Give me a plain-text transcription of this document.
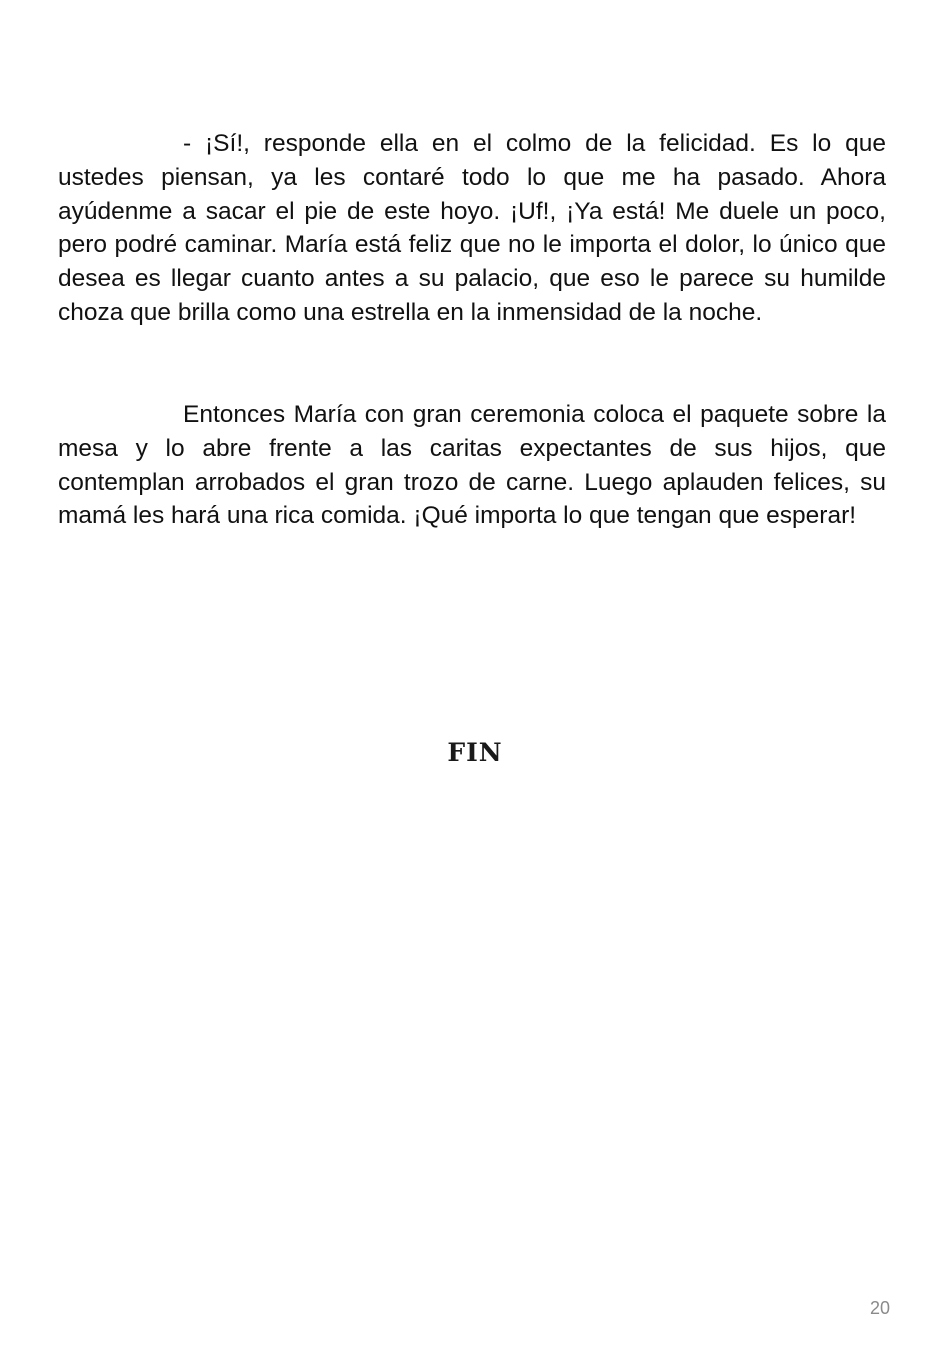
- ¡Sí!, responde ella en el colmo de la felicidad. Es lo que ustedes piensan, ya les contaré todo lo que me ha pasado. Ahora ayúdenme a sacar el pie de este hoyo. ¡Uf!, ¡Ya está! Me duele un poco, pero podré caminar. María está feliz que no le importa el dolor, lo único que desea es llegar cuanto antes a su palacio, que eso le parece su humilde choza que brilla como una estrella en la inmensidad de la noche.

Entonces María con gran ceremonia coloca el paquete sobre la mesa y lo abre frente a las caritas expectantes de sus hijos, que contemplan arrobados el gran trozo de carne. Luego aplauden felices, su mamá les hará una rica comida. ¡Qué importa lo que tengan que esperar!

FIN
20
